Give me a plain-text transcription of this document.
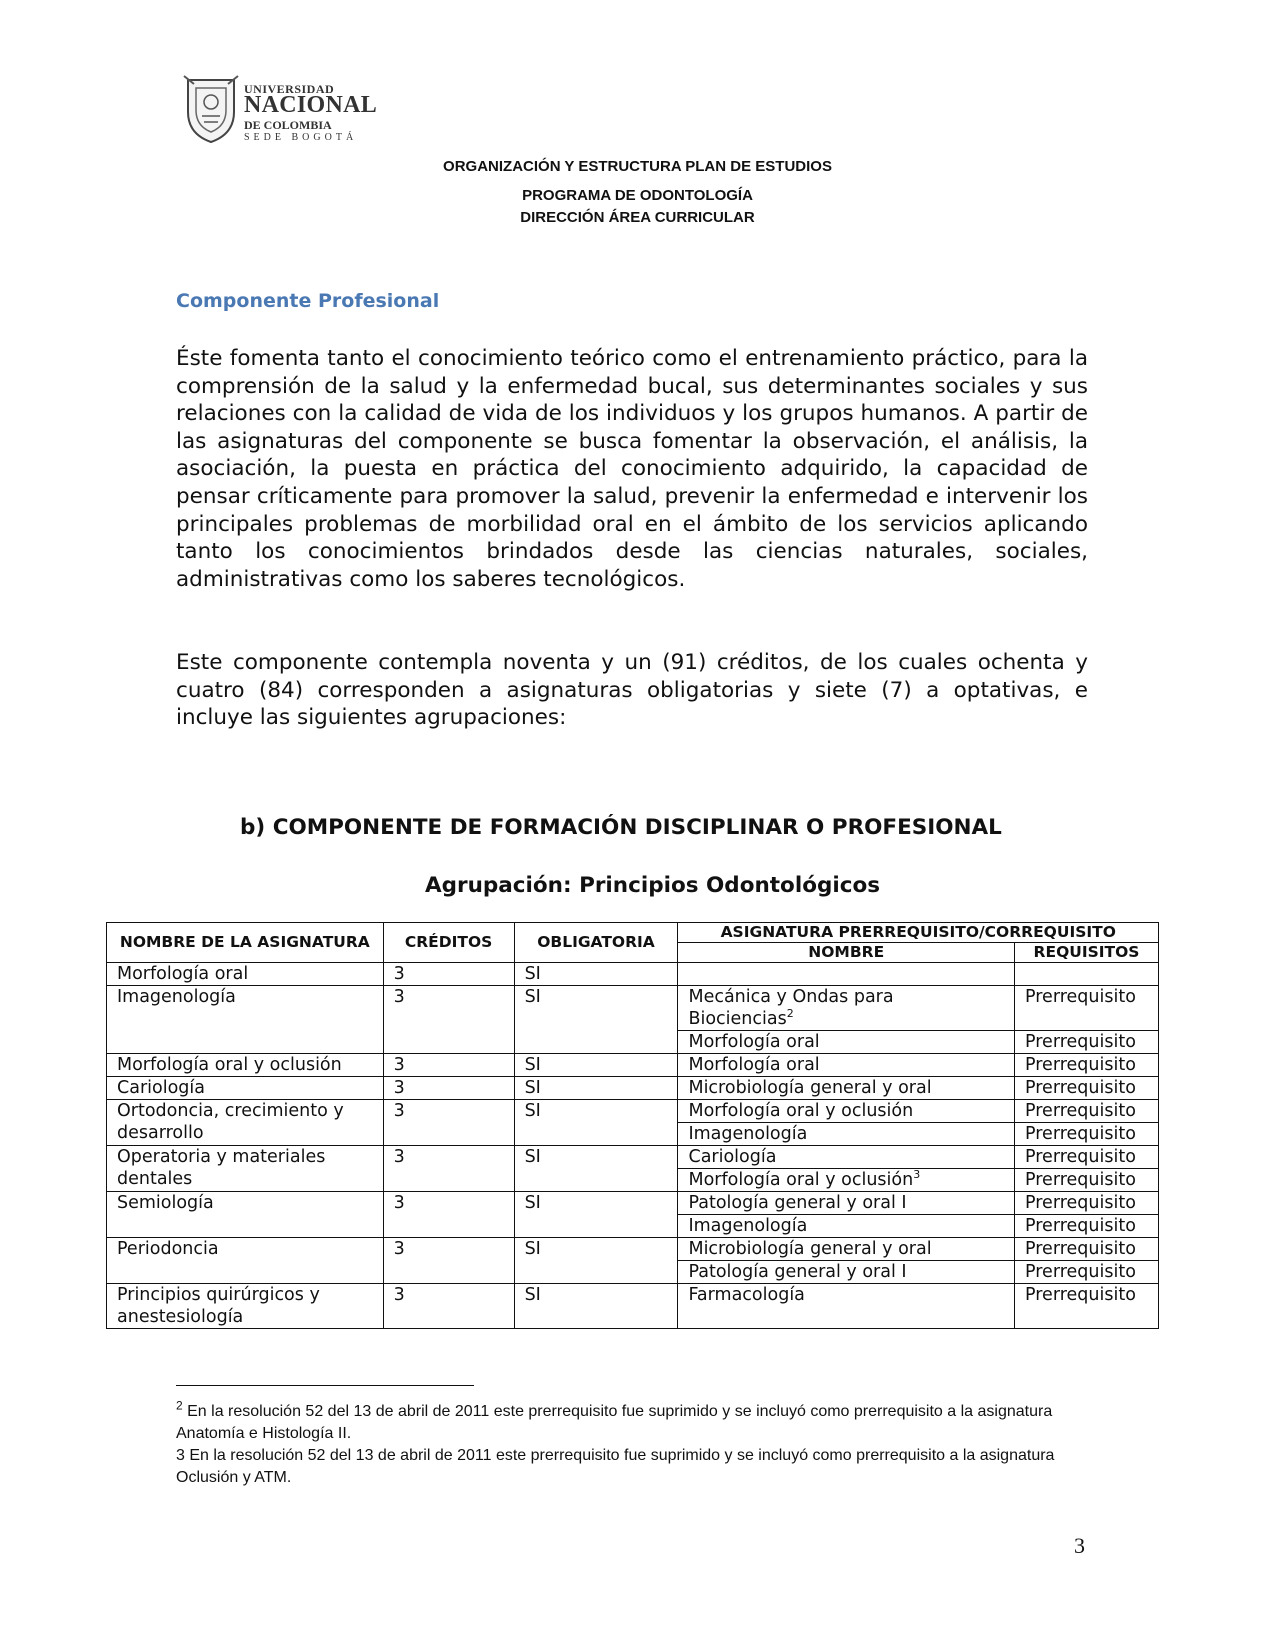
UNIVERSIDAD
NACIONAL
DE COLOMBIA
SEDE BOGOTÁ
ORGANIZACIÓN Y ESTRUCTURA PLAN DE ESTUDIOS
PROGRAMA DE ODONTOLOGÍA
DIRECCIÓN ÁREA CURRICULAR
Componente Profesional

Éste fomenta tanto el conocimiento teórico como el entrenamiento práctico, para la comprensión de la salud y la enfermedad bucal, sus determinantes sociales y sus relaciones con la calidad de vida de los individuos y los grupos humanos. A partir de las asignaturas del componente se busca fomentar la observación, el análisis, la asociación, la puesta en práctica del conocimiento adquirido, la capacidad de pensar críticamente para promover la salud, prevenir la enfermedad e intervenir los principales problemas de morbilidad oral en el ámbito de los servicios aplicando tanto los conocimientos brindados desde las ciencias naturales, sociales, administrativas como los saberes tecnológicos.

Este componente contempla noventa y un (91) créditos, de los cuales ochenta y cuatro (84) corresponden a asignaturas obligatorias y siete (7) a optativas, e incluye las siguientes agrupaciones:

b) COMPONENTE DE FORMACIÓN DISCIPLINAR O PROFESIONAL
Agrupación: Principios Odontológicos
NOMBRE DE LA ASIGNATURA	CRÉDITOS	OBLIGATORIA	ASIGNATURA PRERREQUISITO/CORREQUISITO	
			NOMBRE	REQUISITOS
Morfología oral	3	SI		
Imagenología	3	SI	Mecánica y Ondas para Biociencias$^2$	Prerrequisito
			Morfología oral	Prerrequisito
Morfología oral y oclusión	3	SI	Morfología oral	Prerrequisito
Cariología	3	SI	Microbiología general y oral	Prerrequisito
Ortodoncia, crecimiento y desarrollo	3	SI	Morfología oral y oclusión	Prerrequisito
			Imagenología	Prerrequisito
Operatoria y materiales dentales	3	SI	Cariología	Prerrequisito
			Morfología oral y oclusión$^3$	Prerrequisito
Semiología	3	SI	Patología general y oral I	Prerrequisito
			Imagenología	Prerrequisito
Periodoncia	3	SI	Microbiología general y oral	Prerrequisito
			Patología general y oral I	Prerrequisito
Principios quirúrgicos y anestesiología	3	SI	Farmacología	Prerrequisito

$^2$ En la resolución 52 del 13 de abril de 2011 este prerrequisito fue suprimido y se incluyó como prerrequisito a la asignatura Anatomía e Histología II.

3 En la resolución 52 del 13 de abril de 2011 este prerrequisito fue suprimido y se incluyó como prerrequisito a la asignatura Oclusión y ATM.

3
